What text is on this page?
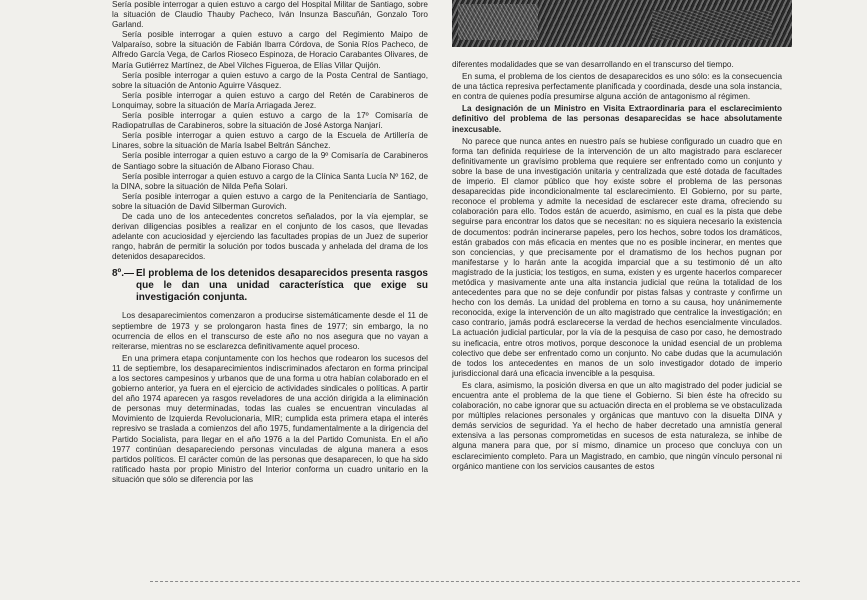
Sería posible interrogar a quien estuvo a cargo del Hospital Militar de Santiago, sobre la situación de Claudio Thauby Pacheco, Iván Insunza Bascuñán, Gonzalo Toro Garland.

Sería posible interrogar a quien estuvo a cargo del Regimiento Maipo de Valparaíso, sobre la situación de Fabián Ibarra Córdova, de Sonia Ríos Pacheco, de Alfredo García Vega, de Carlos Rioseco Espinoza, de Horacio Carabantes Olivares, de María Gutiérrez Martínez, de Abel Vilches Figueroa, de Elías Villar Quijón.

Sería posible interrogar a quien estuvo a cargo de la Posta Central de Santiago, sobre la situación de Antonio Aguirre Vásquez.

Sería posible interrogar a quien estuvo a cargo del Retén de Carabineros de Lonquimay, sobre la situación de María Arriagada Jerez.

Sería posible interrogar a quien estuvo a cargo de la 17º Comisaría de Radiopatrullas de Carabineros, sobre la situación de José Astorga Nanjarí.

Sería posible interrogar a quien estuvo a cargo de la Escuela de Artillería de Linares, sobre la situación de María Isabel Beltrán Sánchez.

Sería posible interrogar a quien estuvo a cargo de la 9º Comisaría de Carabineros de Santiago sobre la situación de Albano Fioraso Chau.

Sería posible interrogar a quien estuvo a cargo de la Clínica Santa Lucía Nº 162, de la DINA, sobre la situación de Nilda Peña Solari.

Sería posible interrogar a quien estuvo a cargo de la Penitenciaría de Santiago, sobre la situación de David Silberman Gurovich.

De cada uno de los antecedentes concretos señalados, por la vía ejemplar, se derivan diligencias posibles a realizar en el conjunto de los casos, que llevadas adelante con acuciosidad y ejerciendo las facultades propias de un Juez de superior rango, habrán de permitir la solución por todos buscada y anhelada del drama de los detenidos desaparecidos.

8º.— El problema de los detenidos desaparecidos presenta rasgos que le dan una unidad característica que exige su investigación conjunta.

Los desaparecimientos comenzaron a producirse sistemáticamente desde el 11 de septiembre de 1973 y se prolongaron hasta fines de 1977; sin embargo, la no ocurrencia de ellos en el transcurso de este año no nos asegura que no vayan a reiterarse, mientras no se esclarezca definitivamente aquel proceso.

En una primera etapa conjuntamente con los hechos que rodearon los sucesos del 11 de septiembre, los desaparecimientos indiscriminados afectaron en forma principal a los sectores campesinos y urbanos que de una forma u otra habían colaborado en el gobierno anterior, ya fuera en el ejercicio de actividades sindicales o políticas. A partir del año 1974 aparecen ya rasgos reveladores de una acción dirigida a la eliminación de personas muy determinadas, todas las cuales se encuentran vinculadas al Movimiento de Izquierda Revolucionaria, MIR; cumplida esta primera etapa el interés represivo se traslada a comienzos del año 1975, fundamentalmente a la dirigencia del Partido Socialista, para llegar en el año 1976 a la del Partido Comunista. En el año 1977 continúan desapareciendo personas vinculadas de alguna manera a esos partidos políticos. El carácter común de las personas que desaparecen, lo que ha sido ratificado hasta por propio Ministro del Interior conforma un cuadro unitario en la situación que sólo se diferencia por las

diferentes modalidades que se van desarrollando en el transcurso del tiempo.

En suma, el problema de los cientos de desaparecidos es uno sólo: es la consecuencia de una táctica represiva perfectamente planificada y coordinada, desde una sola instancia, en contra de quienes podía presumirse alguna acción de antagonismo al régimen.

La designación de un Ministro en Visita Extraordinaria para el esclarecimiento definitivo del problema de las personas desaparecidas se hace absolutamente inexcusable.

No parece que nunca antes en nuestro país se hubiese configurado un cuadro que en forma tan definida requiriese de la intervención de un alto magistrado para esclarecer definitivamente un gravísimo problema que requiere ser enfrentado como un conjunto y sobre la base de una investigación unitaria y centralizada que esté dotada de facultades de imperio. El clamor público que hoy existe sobre el problema de las personas desaparecidas pide incondicionalmente tal esclarecimiento. El Gobierno, por su parte, reconoce el problema y admite la necesidad de esclarecer este drama, ofreciendo su colaboración para ello. Todos están de acuerdo, asimismo, en cual es la pista que debe seguirse para encontrar los datos que se necesitan: no es siquiera necesario la existencia de documentos: podrán incinerarse papeles, pero los hechos, sobre todos los dramáticos, están grabados con más eficacia en mentes que no es posible incinerar, en mentes que son conciencias, y que precisamente por el dramatismo de los hechos pugnan por manifestarse y lo harán ante la acogida imparcial que a su testimonio dé un alto magistrado de la justicia; los testigos, en suma, existen y es urgente hacerlos comparecer metódica y masivamente ante una alta instancia judicial que reúna la totalidad de los antecedentes para que no se deje confundir por pistas falsas y contraste y confirme un hecho con los demás. La unidad del problema en torno a su causa, hoy unánimemente reconocida, exige la intervención de un alto magistrado que centralice la investigación; en caso contrario, jamás podrá esclarecerse la verdad de hechos esencialmente vinculados. La actuación judicial particular, por la vía de la pesquisa de caso por caso, he demostrado su ineficacia, entre otros motivos, porque desconoce la unidad esencial de un problema colectivo que debe ser enfrentado como un conjunto. No cabe dudas que la acumulación de todos los antecedentes en manos de un solo investigador dotado de imperio jurisdiccional dará una eficacia invencible a la pesquisa.

Es clara, asimismo, la posición diversa en que un alto magistrado del poder judicial se encuentra ante el problema de la que tiene el Gobierno. Si bien éste ha ofrecido su colaboración, no cabe ignorar que su actuación directa en el problema se ve obstaculizada por múltiples relaciones personales y orgánicas que mantuvo con la disuelta DINA y demás servicios de seguridad. Ya el hecho de haber decretado una amnistía general extensiva a las personas comprometidas en sucesos de esta naturaleza, se inhibe de alguna manera para que, por sí mismo, dinamice un proceso que concluya con un esclarecimiento completo. Para un Magistrado, en cambio, que ningún vínculo personal ni orgánico mantiene con los servicios causantes de estos
